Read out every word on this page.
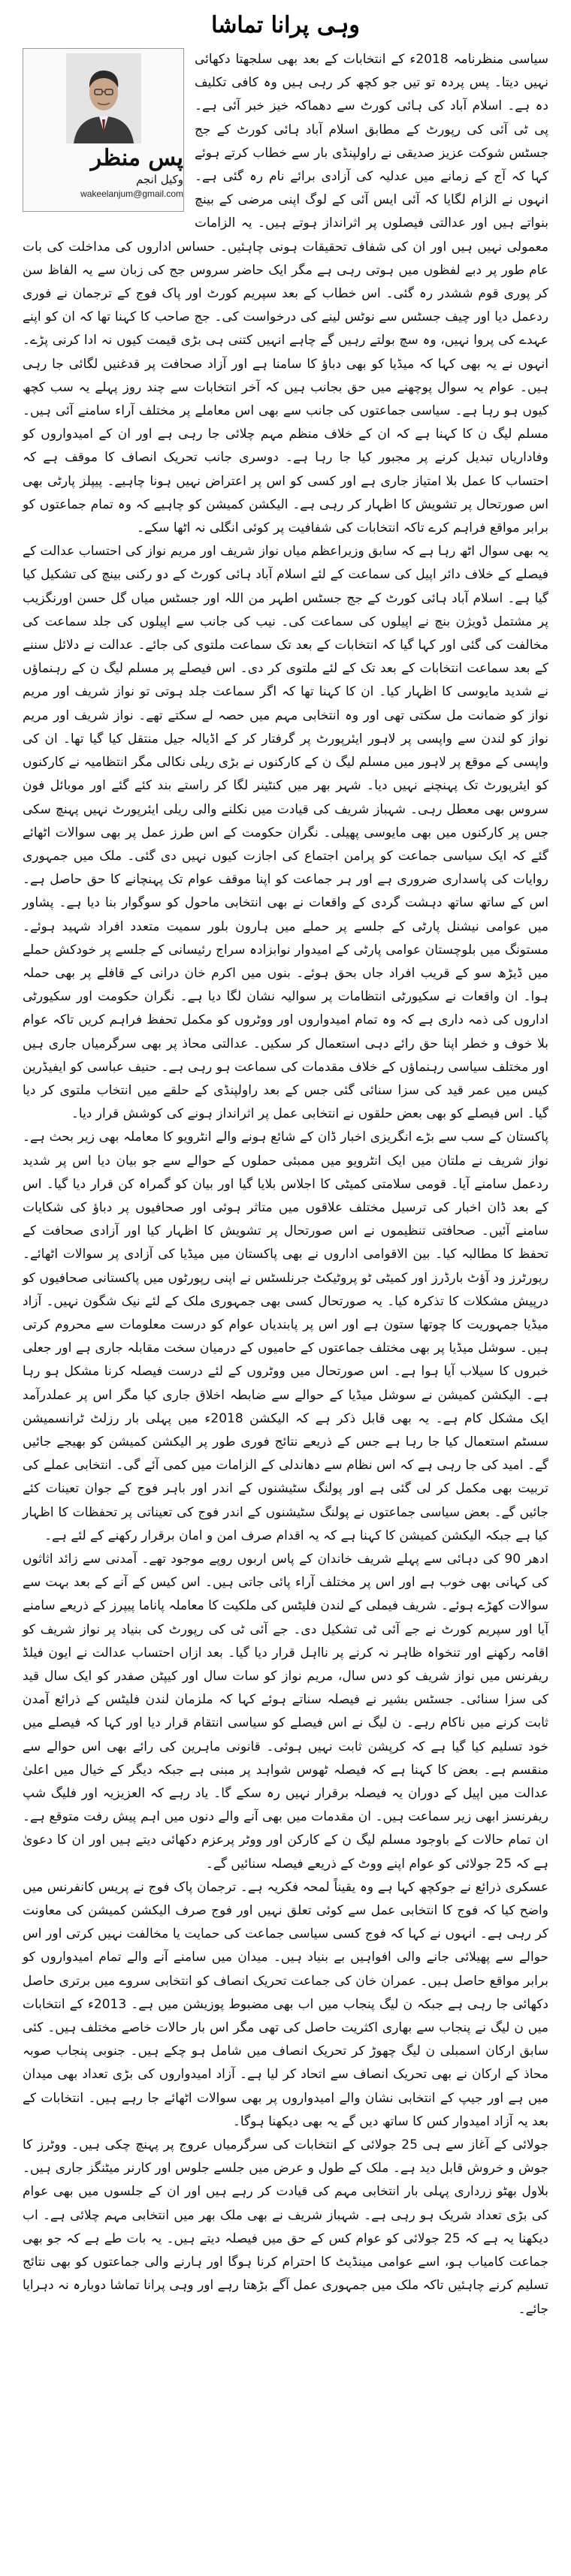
وہی پرانا تماشا
پس منظر
وکیل انجم
wakeelanjum@gmail.com

سیاسی منظرنامہ 2018ء کے انتخابات کے بعد بھی سلجھتا دکھائی نہیں دیتا۔ پس پردہ تو تیں جو کچھ کر رہی ہیں وہ کافی تکلیف دہ ہے۔ اسلام آباد کی ہائی کورٹ سے دھماکہ خیز خبر آئی ہے۔ پی ٹی آئی کی رپورٹ کے مطابق اسلام آباد ہائی کورٹ کے جج جسٹس شوکت عزیز صدیقی نے راولپنڈی بار سے خطاب کرتے ہوئے کہا کہ آج کے زمانے میں عدلیہ کی آزادی برائے نام رہ گئی ہے۔ انہوں نے الزام لگایا کہ آئی ایس آئی کے لوگ اپنی مرضی کے بینچ بنواتے ہیں اور عدالتی فیصلوں پر اثرانداز ہوتے ہیں۔ یہ الزامات معمولی نہیں ہیں اور ان کی شفاف تحقیقات ہونی چاہئیں۔ حساس اداروں کی مداخلت کی بات عام طور پر دبے لفظوں میں ہوتی رہی ہے مگر ایک حاضر سروس جج کی زبان سے یہ الفاظ سن کر پوری قوم ششدر رہ گئی۔ اس خطاب کے بعد سپریم کورٹ اور پاک فوج کے ترجمان نے فوری ردعمل دیا اور چیف جسٹس سے نوٹس لینے کی درخواست کی۔ جج صاحب کا کہنا تھا کہ ان کو اپنے عہدے کی پروا نہیں، وہ سچ بولتے رہیں گے چاہے انہیں کتنی ہی بڑی قیمت کیوں نہ ادا کرنی پڑے۔ انہوں نے یہ بھی کہا کہ میڈیا کو بھی دباؤ کا سامنا ہے اور آزاد صحافت پر قدغنیں لگائی جا رہی ہیں۔ عوام یہ سوال پوچھنے میں حق بجانب ہیں کہ آخر انتخابات سے چند روز پہلے یہ سب کچھ کیوں ہو رہا ہے۔ سیاسی جماعتوں کی جانب سے بھی اس معاملے پر مختلف آراء سامنے آئی ہیں۔ مسلم لیگ ن کا کہنا ہے کہ ان کے خلاف منظم مہم چلائی جا رہی ہے اور ان کے امیدواروں کو وفاداریاں تبدیل کرنے پر مجبور کیا جا رہا ہے۔ دوسری جانب تحریک انصاف کا موقف ہے کہ احتساب کا عمل بلا امتیاز جاری ہے اور کسی کو اس پر اعتراض نہیں ہونا چاہیے۔ پیپلز پارٹی بھی اس صورتحال پر تشویش کا اظہار کر رہی ہے۔ الیکشن کمیشن کو چاہیے کہ وہ تمام جماعتوں کو برابر مواقع فراہم کرے تاکہ انتخابات کی شفافیت پر کوئی انگلی نہ اٹھا سکے۔

یہ بھی سوال اٹھ رہا ہے کہ سابق وزیراعظم میاں نواز شریف اور مریم نواز کی احتساب عدالت کے فیصلے کے خلاف دائر اپیل کی سماعت کے لئے اسلام آباد ہائی کورٹ کے دو رکنی بینچ کی تشکیل کیا گیا ہے۔ اسلام آباد ہائی کورٹ کے جج جسٹس اطہر من اللہ اور جسٹس میاں گل حسن اورنگزیب پر مشتمل ڈویژن بنچ نے اپیلوں کی سماعت کی۔ نیب کی جانب سے اپیلوں کی جلد سماعت کی مخالفت کی گئی اور کہا گیا کہ انتخابات کے بعد تک سماعت ملتوی کی جائے۔ عدالت نے دلائل سننے کے بعد سماعت انتخابات کے بعد تک کے لئے ملتوی کر دی۔ اس فیصلے پر مسلم لیگ ن کے رہنماؤں نے شدید مایوسی کا اظہار کیا۔ ان کا کہنا تھا کہ اگر سماعت جلد ہوتی تو نواز شریف اور مریم نواز کو ضمانت مل سکتی تھی اور وہ انتخابی مہم میں حصہ لے سکتے تھے۔ نواز شریف اور مریم نواز کو لندن سے واپسی پر لاہور ایئرپورٹ پر گرفتار کر کے اڈیالہ جیل منتقل کیا گیا تھا۔ ان کی واپسی کے موقع پر لاہور میں مسلم لیگ ن کے کارکنوں نے بڑی ریلی نکالی مگر انتظامیہ نے کارکنوں کو ایئرپورٹ تک پہنچنے نہیں دیا۔ شہر بھر میں کنٹینر لگا کر راستے بند کئے گئے اور موبائل فون سروس بھی معطل رہی۔ شہباز شریف کی قیادت میں نکلنے والی ریلی ایئرپورٹ نہیں پہنچ سکی جس پر کارکنوں میں بھی مایوسی پھیلی۔ نگران حکومت کے اس طرز عمل پر بھی سوالات اٹھائے گئے کہ ایک سیاسی جماعت کو پرامن اجتماع کی اجازت کیوں نہیں دی گئی۔ ملک میں جمہوری روایات کی پاسداری ضروری ہے اور ہر جماعت کو اپنا موقف عوام تک پہنچانے کا حق حاصل ہے۔ اس کے ساتھ ساتھ دہشت گردی کے واقعات نے بھی انتخابی ماحول کو سوگوار بنا دیا ہے۔ پشاور میں عوامی نیشنل پارٹی کے جلسے پر حملے میں ہارون بلور سمیت متعدد افراد شہید ہوئے۔ مستونگ میں بلوچستان عوامی پارٹی کے امیدوار نوابزادہ سراج رئیسانی کے جلسے پر خودکش حملے میں ڈیڑھ سو کے قریب افراد جاں بحق ہوئے۔ بنوں میں اکرم خان درانی کے قافلے پر بھی حملہ ہوا۔ ان واقعات نے سکیورٹی انتظامات پر سوالیہ نشان لگا دیا ہے۔ نگران حکومت اور سکیورٹی اداروں کی ذمہ داری ہے کہ وہ تمام امیدواروں اور ووٹروں کو مکمل تحفظ فراہم کریں تاکہ عوام بلا خوف و خطر اپنا حق رائے دہی استعمال کر سکیں۔ عدالتی محاذ پر بھی سرگرمیاں جاری ہیں اور مختلف سیاسی رہنماؤں کے خلاف مقدمات کی سماعت ہو رہی ہے۔ حنیف عباسی کو ایفیڈرین کیس میں عمر قید کی سزا سنائی گئی جس کے بعد راولپنڈی کے حلقے میں انتخاب ملتوی کر دیا گیا۔ اس فیصلے کو بھی بعض حلقوں نے انتخابی عمل پر اثرانداز ہونے کی کوشش قرار دیا۔

پاکستان کے سب سے بڑے انگریزی اخبار ڈان کے شائع ہونے والے انٹرویو کا معاملہ بھی زیر بحث ہے۔ نواز شریف نے ملتان میں ایک انٹرویو میں ممبئی حملوں کے حوالے سے جو بیان دیا اس پر شدید ردعمل سامنے آیا۔ قومی سلامتی کمیٹی کا اجلاس بلایا گیا اور بیان کو گمراہ کن قرار دیا گیا۔ اس کے بعد ڈان اخبار کی ترسیل مختلف علاقوں میں متاثر ہوئی اور صحافیوں پر دباؤ کی شکایات سامنے آئیں۔ صحافتی تنظیموں نے اس صورتحال پر تشویش کا اظہار کیا اور آزادی صحافت کے تحفظ کا مطالبہ کیا۔ بین الاقوامی اداروں نے بھی پاکستان میں میڈیا کی آزادی پر سوالات اٹھائے۔ رپورٹرز ود آؤٹ بارڈرز اور کمیٹی ٹو پروٹیکٹ جرنلسٹس نے اپنی رپورٹوں میں پاکستانی صحافیوں کو درپیش مشکلات کا تذکرہ کیا۔ یہ صورتحال کسی بھی جمہوری ملک کے لئے نیک شگون نہیں۔ آزاد میڈیا جمہوریت کا چوتھا ستون ہے اور اس پر پابندیاں عوام کو درست معلومات سے محروم کرتی ہیں۔ سوشل میڈیا پر بھی مختلف جماعتوں کے حامیوں کے درمیان سخت مقابلہ جاری ہے اور جعلی خبروں کا سیلاب آیا ہوا ہے۔ اس صورتحال میں ووٹروں کے لئے درست فیصلہ کرنا مشکل ہو رہا ہے۔ الیکشن کمیشن نے سوشل میڈیا کے حوالے سے ضابطہ اخلاق جاری کیا مگر اس پر عملدرآمد ایک مشکل کام ہے۔ یہ بھی قابل ذکر ہے کہ الیکشن 2018ء میں پہلی بار رزلٹ ٹرانسمیشن سسٹم استعمال کیا جا رہا ہے جس کے ذریعے نتائج فوری طور پر الیکشن کمیشن کو بھیجے جائیں گے۔ امید کی جا رہی ہے کہ اس نظام سے دھاندلی کے الزامات میں کمی آئے گی۔ انتخابی عملے کی تربیت بھی مکمل کر لی گئی ہے اور پولنگ سٹیشنوں کے اندر اور باہر فوج کے جوان تعینات کئے جائیں گے۔ بعض سیاسی جماعتوں نے پولنگ سٹیشنوں کے اندر فوج کی تعیناتی پر تحفظات کا اظہار کیا ہے جبکہ الیکشن کمیشن کا کہنا ہے کہ یہ اقدام صرف امن و امان برقرار رکھنے کے لئے ہے۔

ادھر 90 کی دہائی سے پہلے شریف خاندان کے پاس اربوں روپے موجود تھے۔ آمدنی سے زائد اثاثوں کی کہانی بھی خوب ہے اور اس پر مختلف آراء پائی جاتی ہیں۔ اس کیس کے آنے کے بعد بہت سے سوالات کھڑے ہوئے۔ شریف فیملی کے لندن فلیٹس کی ملکیت کا معاملہ پاناما پیپرز کے ذریعے سامنے آیا اور سپریم کورٹ نے جے آئی ٹی تشکیل دی۔ جے آئی ٹی کی رپورٹ کی بنیاد پر نواز شریف کو اقامہ رکھنے اور تنخواہ ظاہر نہ کرنے پر نااہل قرار دیا گیا۔ بعد ازاں احتساب عدالت نے ایون فیلڈ ریفرنس میں نواز شریف کو دس سال، مریم نواز کو سات سال اور کیپٹن صفدر کو ایک سال قید کی سزا سنائی۔ جسٹس بشیر نے فیصلہ سناتے ہوئے کہا کہ ملزمان لندن فلیٹس کے ذرائع آمدن ثابت کرنے میں ناکام رہے۔ ن لیگ نے اس فیصلے کو سیاسی انتقام قرار دیا اور کہا کہ فیصلے میں خود تسلیم کیا گیا ہے کہ کرپشن ثابت نہیں ہوئی۔ قانونی ماہرین کی رائے بھی اس حوالے سے منقسم ہے۔ بعض کا کہنا ہے کہ فیصلہ ٹھوس شواہد پر مبنی ہے جبکہ دیگر کے خیال میں اعلیٰ عدالت میں اپیل کے دوران یہ فیصلہ برقرار نہیں رہ سکے گا۔ یاد رہے کہ العزیزیہ اور فلیگ شپ ریفرنسز ابھی زیر سماعت ہیں۔ ان مقدمات میں بھی آنے والے دنوں میں اہم پیش رفت متوقع ہے۔ ان تمام حالات کے باوجود مسلم لیگ ن کے کارکن اور ووٹر پرعزم دکھائی دیتے ہیں اور ان کا دعویٰ ہے کہ 25 جولائی کو عوام اپنے ووٹ کے ذریعے فیصلہ سنائیں گے۔

عسکری ذرائع نے جوکچھ کہا ہے وہ یقیناً لمحہ فکریہ ہے۔ ترجمان پاک فوج نے پریس کانفرنس میں واضح کیا کہ فوج کا انتخابی عمل سے کوئی تعلق نہیں اور فوج صرف الیکشن کمیشن کی معاونت کر رہی ہے۔ انہوں نے کہا کہ فوج کسی سیاسی جماعت کی حمایت یا مخالفت نہیں کرتی اور اس حوالے سے پھیلائی جانے والی افواہیں بے بنیاد ہیں۔ میدان میں سامنے آنے والے تمام امیدواروں کو برابر مواقع حاصل ہیں۔ عمران خان کی جماعت تحریک انصاف کو انتخابی سروے میں برتری حاصل دکھائی جا رہی ہے جبکہ ن لیگ پنجاب میں اب بھی مضبوط پوزیشن میں ہے۔ 2013ء کے انتخابات میں ن لیگ نے پنجاب سے بھاری اکثریت حاصل کی تھی مگر اس بار حالات خاصے مختلف ہیں۔ کئی سابق ارکان اسمبلی ن لیگ چھوڑ کر تحریک انصاف میں شامل ہو چکے ہیں۔ جنوبی پنجاب صوبہ محاذ کے ارکان نے بھی تحریک انصاف سے اتحاد کر لیا ہے۔ آزاد امیدواروں کی بڑی تعداد بھی میدان میں ہے اور جیپ کے انتخابی نشان والے امیدواروں پر بھی سوالات اٹھائے جا رہے ہیں۔ انتخابات کے بعد یہ آزاد امیدوار کس کا ساتھ دیں گے یہ بھی دیکھنا ہوگا۔

جولائی کے آغاز سے ہی 25 جولائی کے انتخابات کی سرگرمیاں عروج پر پہنچ چکی ہیں۔ ووٹرز کا جوش و خروش قابل دید ہے۔ ملک کے طول و عرض میں جلسے جلوس اور کارنر میٹنگز جاری ہیں۔ بلاول بھٹو زرداری پہلی بار انتخابی مہم کی قیادت کر رہے ہیں اور ان کے جلسوں میں بھی عوام کی بڑی تعداد شریک ہو رہی ہے۔ شہباز شریف نے بھی ملک بھر میں انتخابی مہم چلائی ہے۔ اب دیکھنا یہ ہے کہ 25 جولائی کو عوام کس کے حق میں فیصلہ دیتے ہیں۔ یہ بات طے ہے کہ جو بھی جماعت کامیاب ہو، اسے عوامی مینڈیٹ کا احترام کرنا ہوگا اور ہارنے والی جماعتوں کو بھی نتائج تسلیم کرنے چاہئیں تاکہ ملک میں جمہوری عمل آگے بڑھتا رہے اور وہی پرانا تماشا دوبارہ نہ دہرایا جائے۔
